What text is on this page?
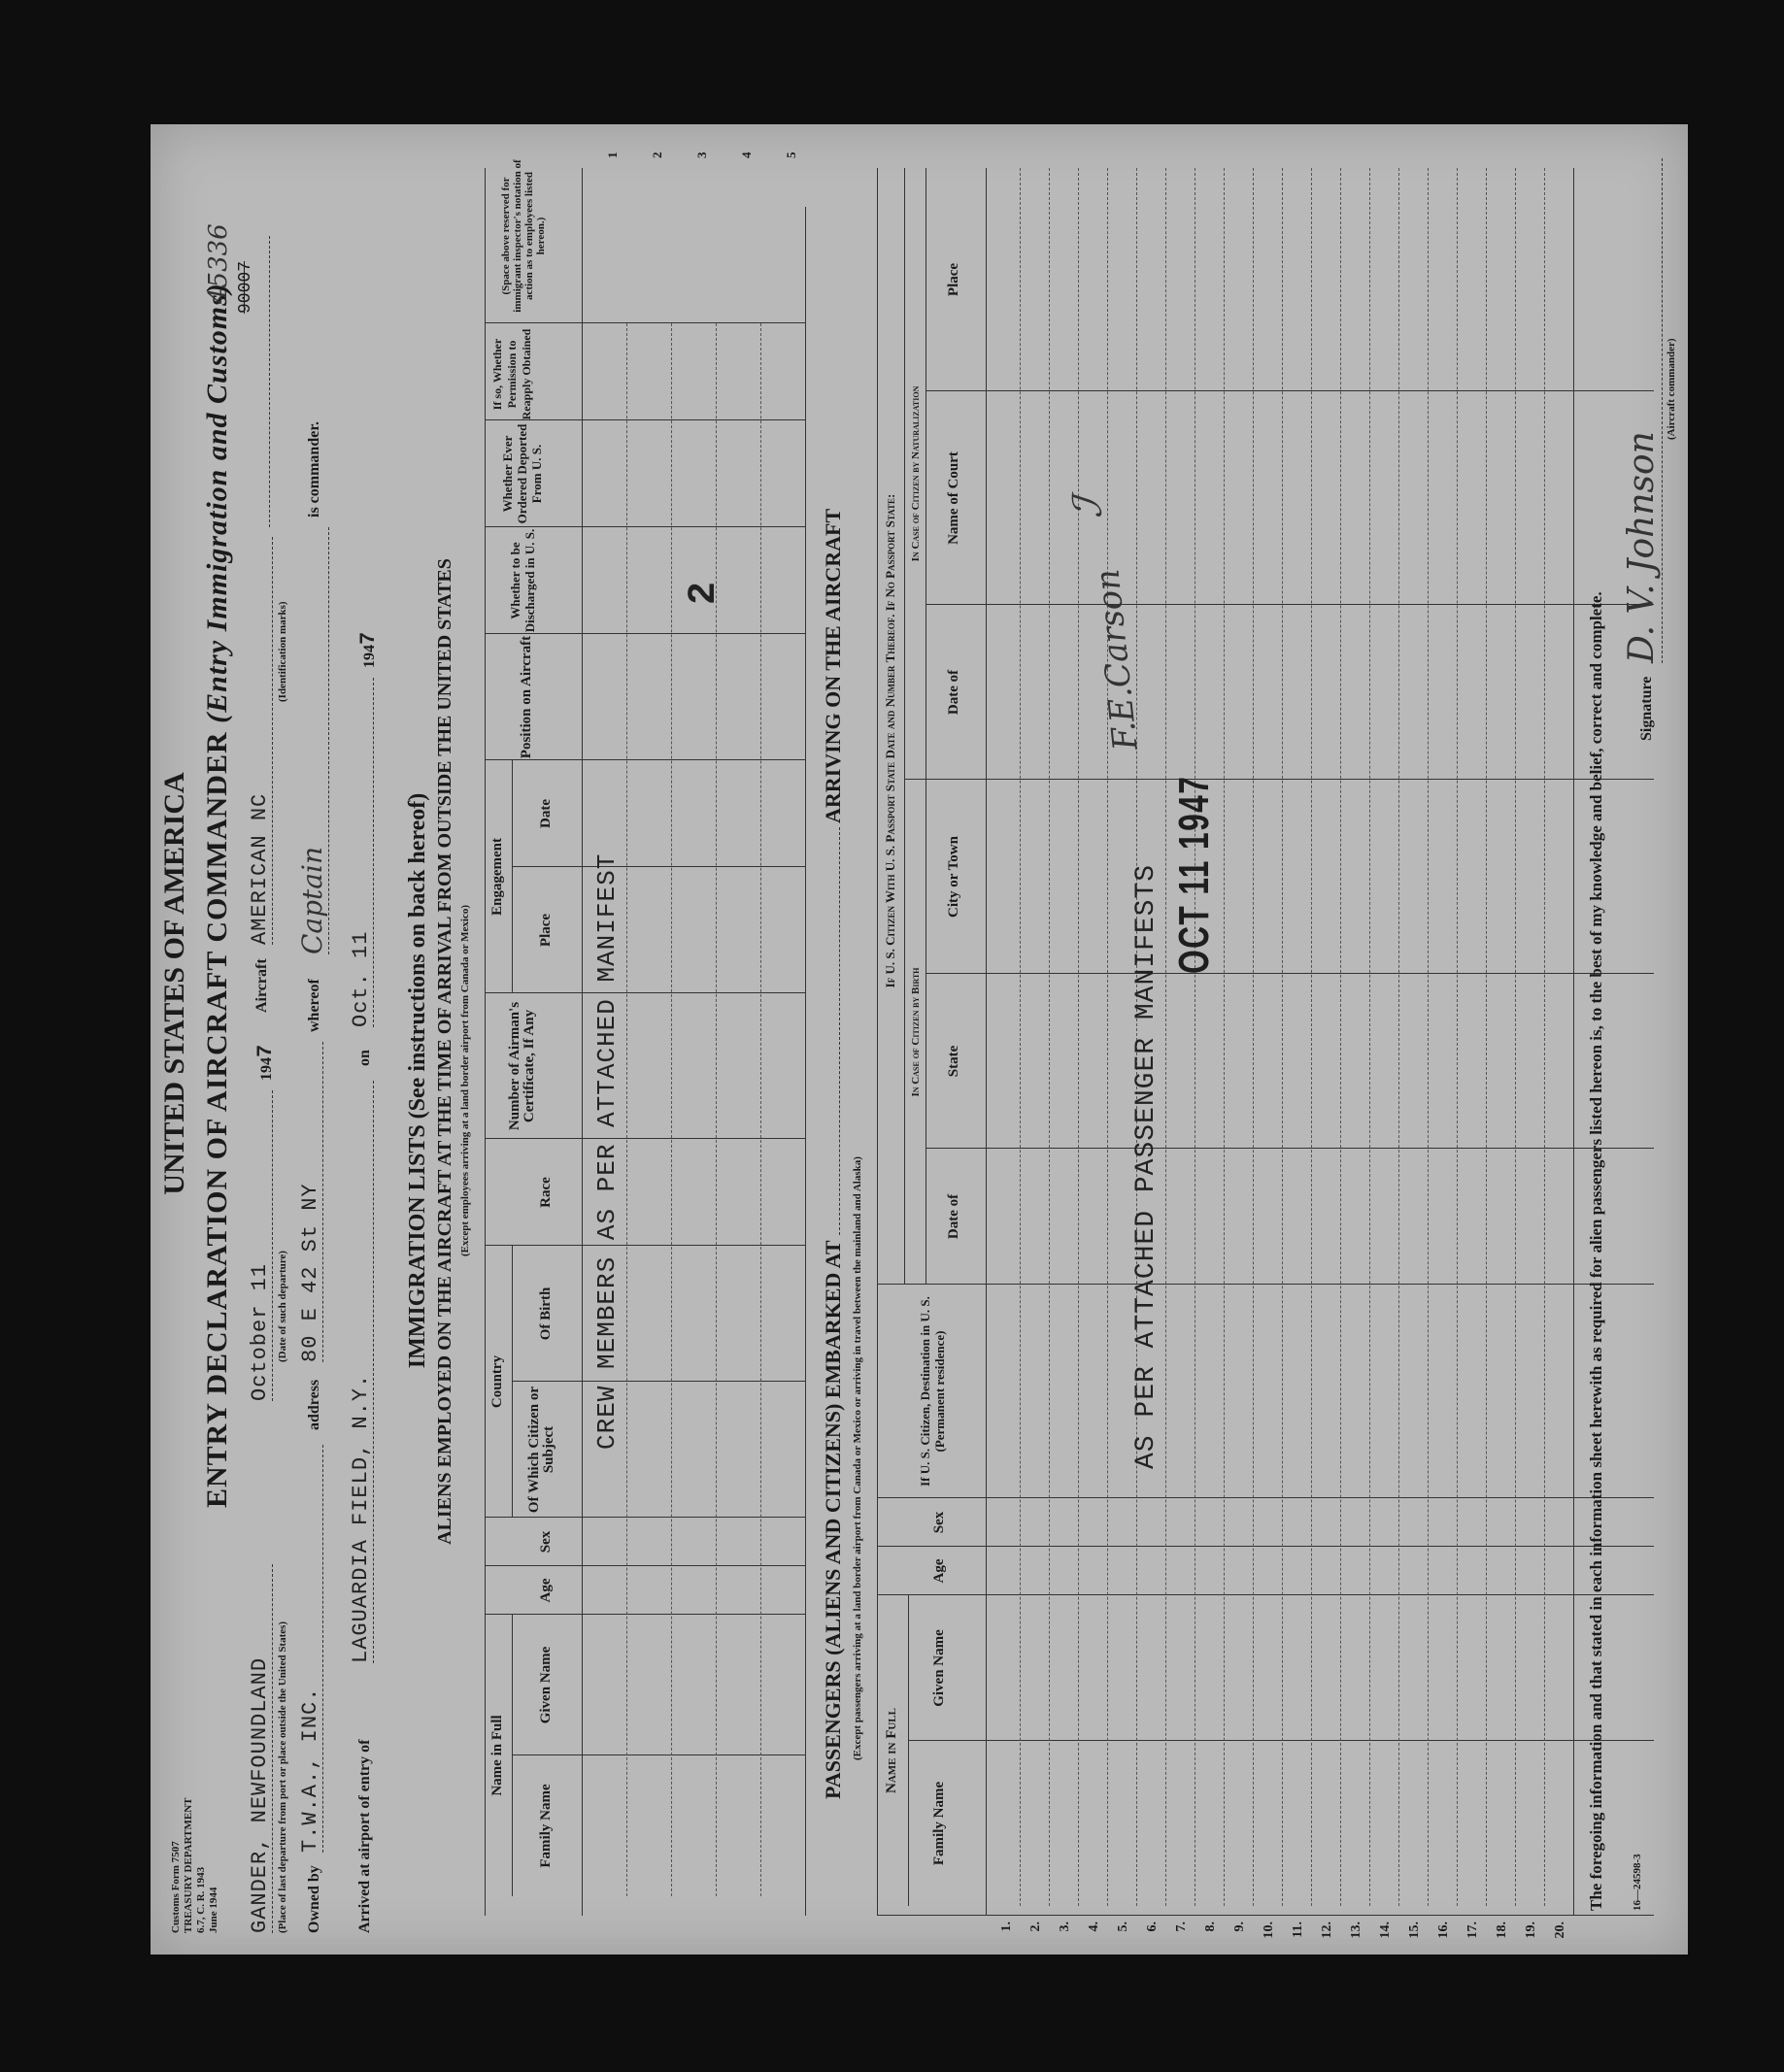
Customs Form 7507 TREASURY DEPARTMENT 6.7, C. R. 1943 June 1944
UNITED STATES OF AMERICA ENTRY DECLARATION OF AIRCRAFT COMMANDER (Entry Immigration and Customs)
45336 90007
GANDER, NEWFOUNDLAND (Place of last departure from port or place outside the United States)
October 11 (Date of such departure)
1947
Aircraft
AMERICAN NC
(Identification marks)
Owned by
T.W.A., INC.
address
80 E 42 St NY
whereof
Captain
is commander.
Arrived at airport of entry of
LAGUARDIA FIELD, N.Y.
on
Oct. 11
1947
IMMIGRATION LISTS (See instructions on back hereof) ALIENS EMPLOYED ON THE AIRCRAFT AT THE TIME OF ARRIVAL FROM OUTSIDE THE UNITED STATES (Except employees arriving at a land border airport from Canada or Mexico)
Name in Full
Family Name
Given Name
Age
Sex
Country
Of Which Citizen or Subject
Of Birth
Race
Number of Airman's Certificate, If Any
Engagement
Place
Date
Position on Aircraft
Whether to be Discharged in U. S.
Whether Ever Ordered Deported From U. S.
If so, Whether Permission to Reapply Obtained
(Space above reserved for immigrant inspector's notation of action as to employees listed hereon.)
1 2 3 4 5
CREW MEMBERS AS PER ATTACHED MANIFEST
2
PASSENGERS (ALIENS AND CITIZENS) EMBARKED AT  ARRIVING ON THE AIRCRAFT
(Except passengers arriving at a land border airport from Canada or Mexico or arriving in travel between the mainland and Alaska) Name in Full
Family Name
Given Name
Age
Sex
If U. S. Citizen, Destination in U. S. (Permanent residence)
If U. S. Citizen With U. S. Passport State Date and Number Thereof. If No Passport State:
In Case of Citizen by Birth
In Case of Citizen by Naturalization
Date of
State
City or Town
Date of
Name of Court
Place
1. 2. 3. 4. 5. 6. 7. 8. 9. 10. 11. 12. 13. 14. 15. 16. 17. 18. 19. 20.
AS PER ATTACHED PASSENGER MANIFESTS OCT 11 1947
F.E.Carson
ℐ
The foregoing information and that stated in each information sheet herewith as required for alien passengers listed hereon is, to the best of my knowledge and belief, correct and complete. 16—24598-3
Signature
D. V. Johnson
(Aircraft commander)
